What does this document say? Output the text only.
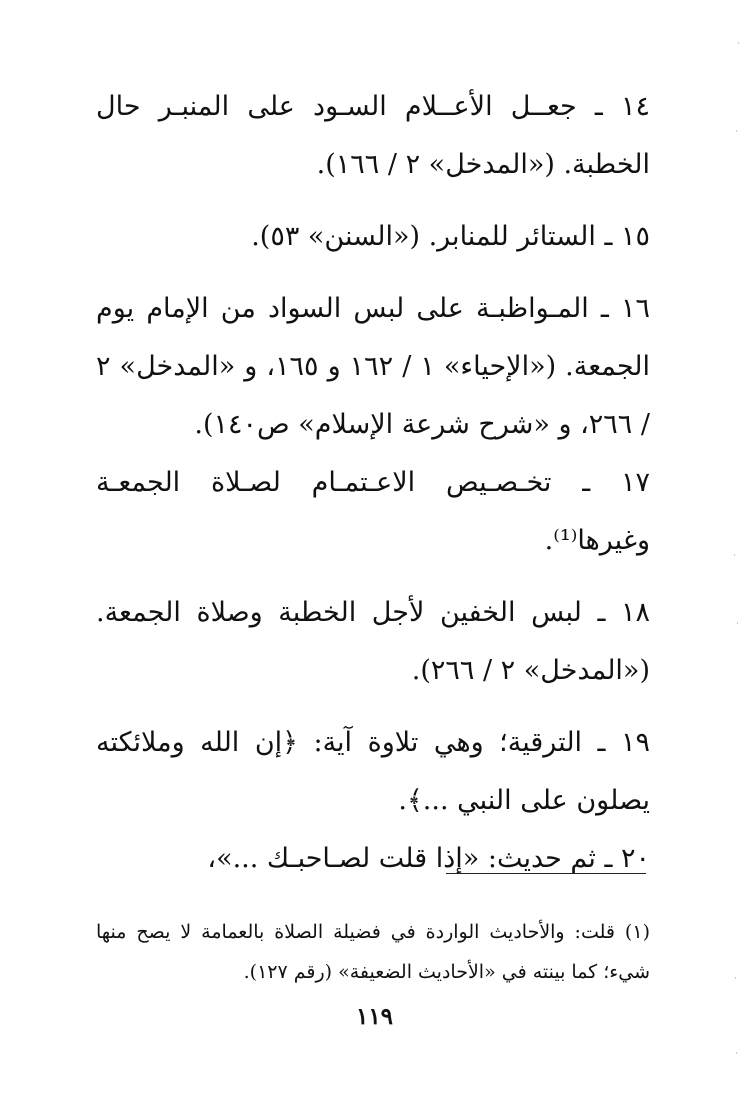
١٤ ـ جعــل الأعــلام السـود على المنبـر حال الخطبة. («المدخل» ٢ / ١٦٦).

١٥ ـ الستائر للمنابر. («السنن» ٥٣).

١٦ ـ المـواظبـة على لبس السواد من الإمام يوم الجمعة. («الإحياء» ١ / ١٦٢ و ١٦٥، و «المدخل» ٢ / ٢٦٦، و «شرح شرعة الإسلام» ص١٤٠).

١٧ ـ تخـصـيص الاعـتمـام لصـلاة الجمعـة وغيرها⁽¹⁾.

١٨ ـ لبس الخفين لأجل الخطبة وصلاة الجمعة. («المدخل» ٢ / ٢٦٦).

١٩ ـ الترقية؛ وهي تلاوة آية: ﴿إن الله وملائكته يصلون على النبي ...﴾.

٢٠ ـ ثم حديث: «إذا قلت لصـاحبـك ...»،

(١) قلت: والأحاديث الواردة في فضيلة الصلاة بالعمامة لا يصح منها شيء؛ كما بينته في «الأحاديث الضعيفة» (رقم ١٢٧).

١١٩
·
·
·
·
·
·
